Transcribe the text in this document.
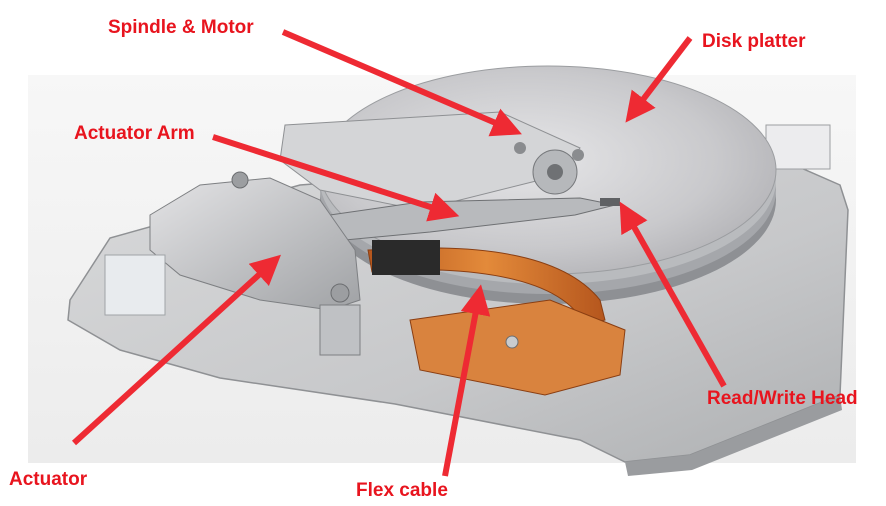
Spindle & Motor
Disk platter
Actuator Arm
Read/Write Head
Actuator
Flex cable
